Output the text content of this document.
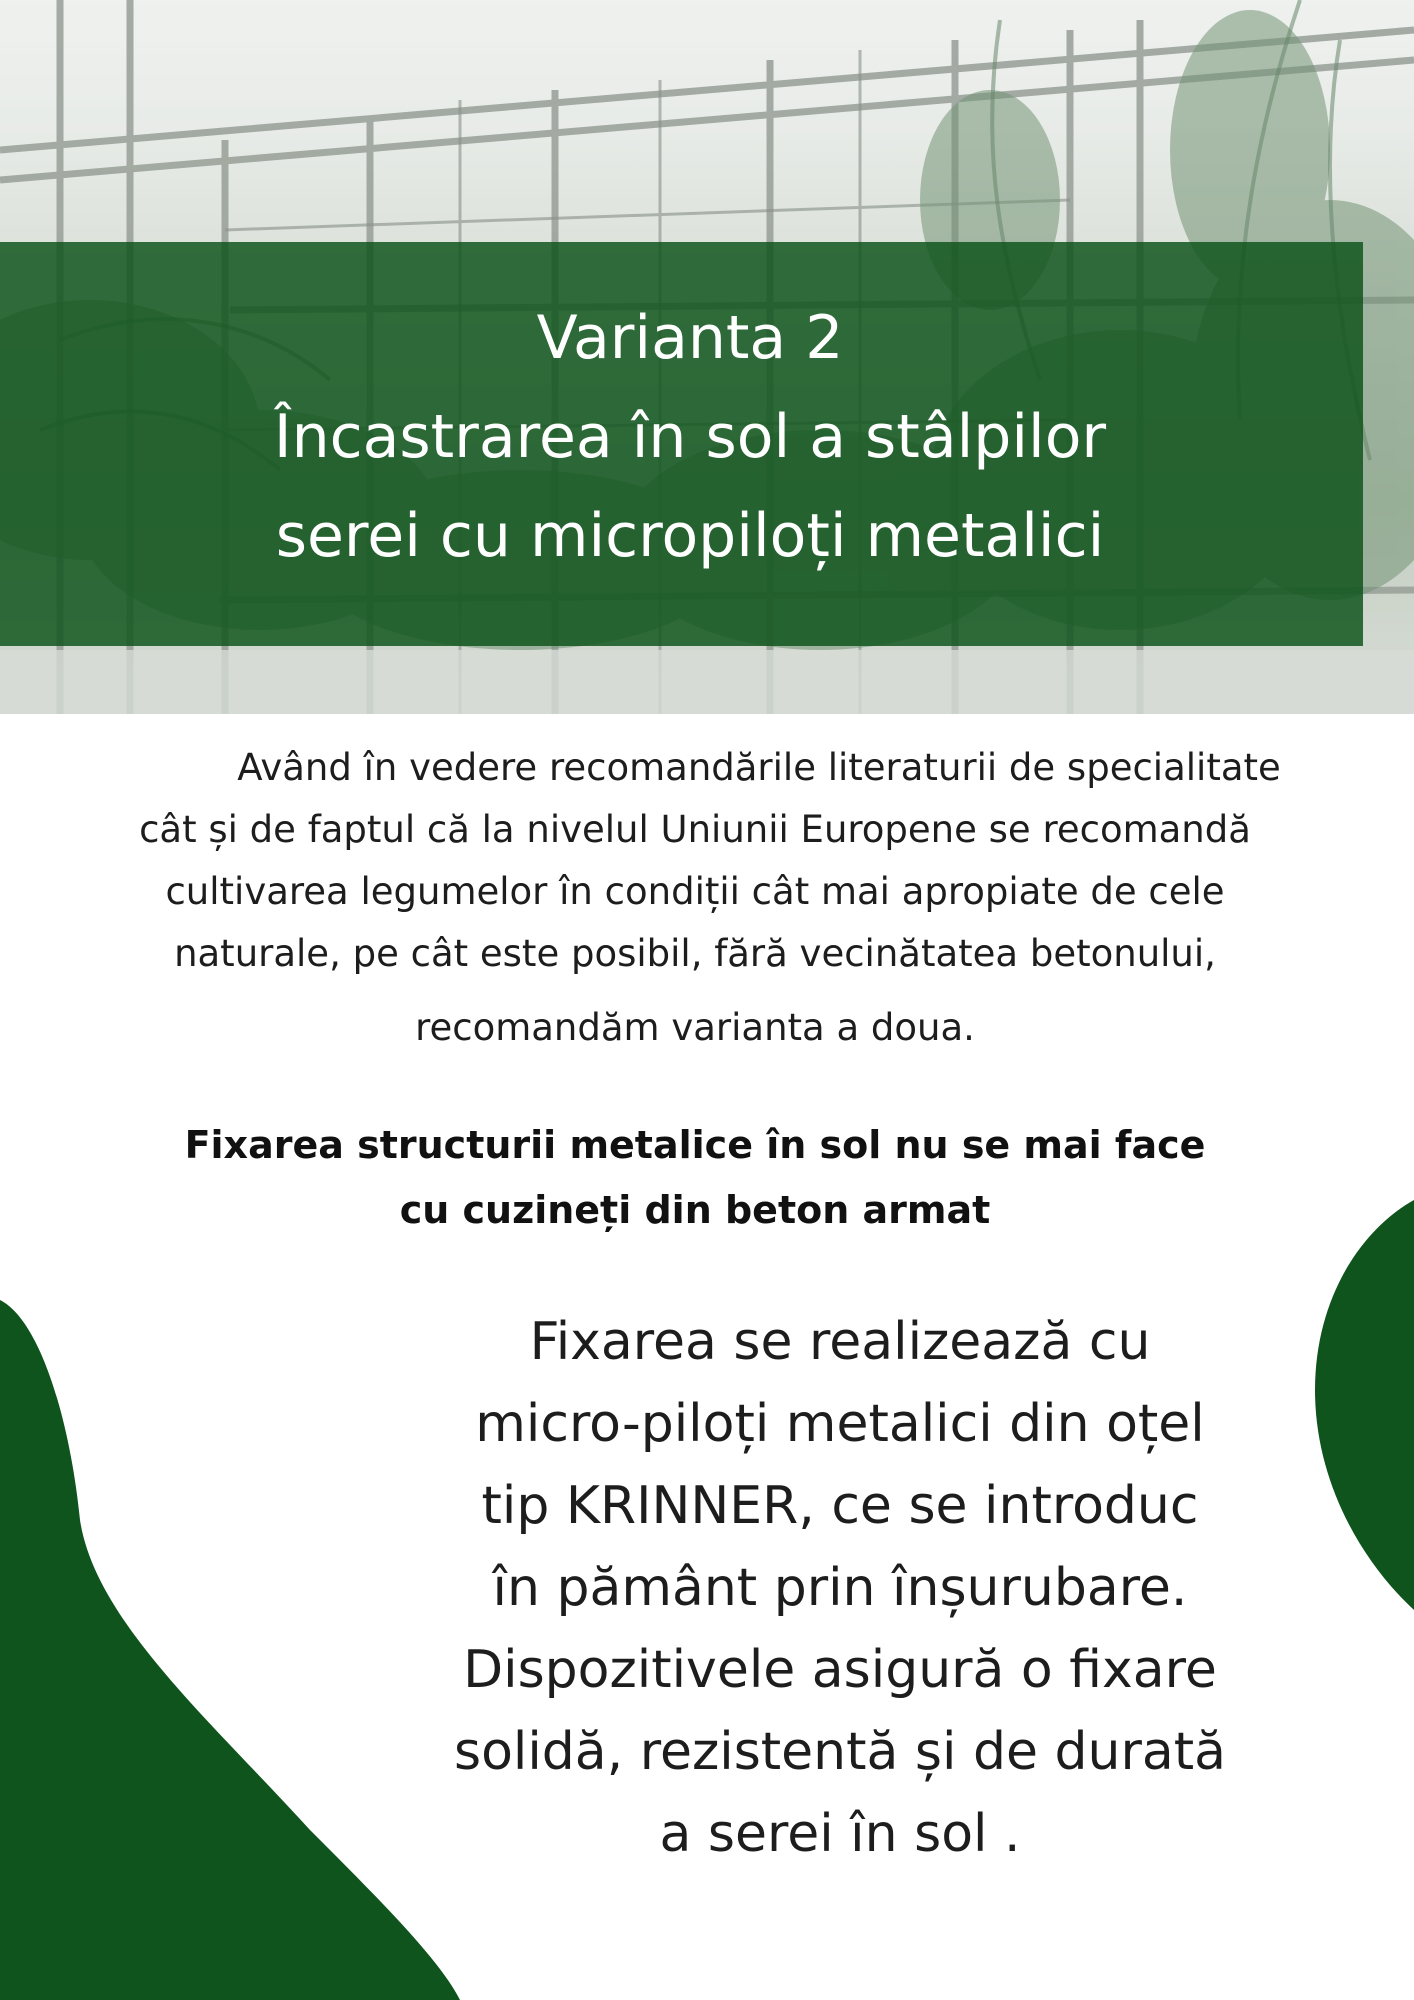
Varianta 2
Încastrarea în sol a stâlpilor
serei cu micropiloți metalici
Având în vedere recomandările literaturii de specialitate
cât și de faptul că la nivelul Uniunii Europene se recomandă
cultivarea legumelor în condiții cât mai apropiate de cele
naturale, pe cât este posibil, fără vecinătatea betonului,
recomandăm varianta a doua.
Fixarea structurii metalice în sol nu se mai face
cu cuzineți din beton armat
Fixarea se realizează cu
micro-piloți metalici din oțel
tip KRINNER, ce se introduc
în pământ prin înșurubare.
Dispozitivele asigură o fixare
solidă, rezistentă și de durată
a serei în sol .
